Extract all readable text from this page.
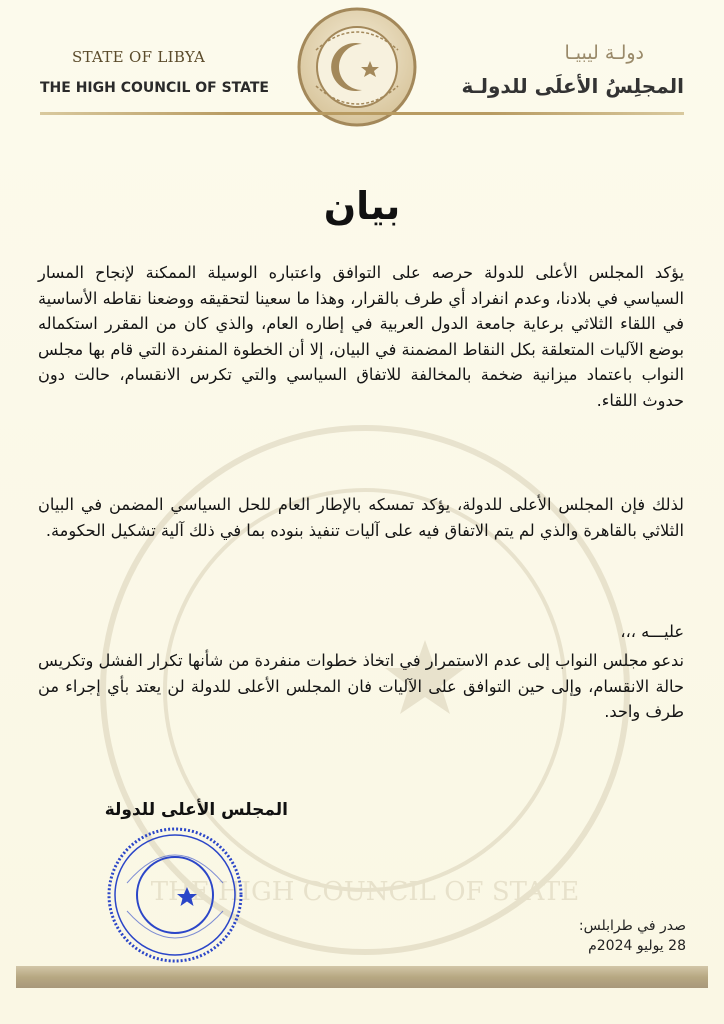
THE HIGH COUNCIL OF STATE

STATE OF LIBYA

THE HIGH COUNCIL OF STATE

دولـة ليبيـا

المجلِسُ الأعلَى للدولـة

بيان

يؤكد المجلس الأعلى للدولة حرصه على التوافق واعتباره الوسيلة الممكنة لإنجاح المسار السياسي في بلادنا، وعدم انفراد أي طرف بالقرار، وهذا ما سعينا لتحقيقه ووضعنا نقاطه الأساسية في اللقاء الثلاثي برعاية جامعة الدول العربية في إطاره العام، والذي كان من المقرر استكماله بوضع الآليات المتعلقة بكل النقاط المضمنة في البيان، إلا أن الخطوة المنفردة التي قام بها مجلس النواب باعتماد ميزانية ضخمة بالمخالفة للاتفاق السياسي والتي تكرس الانقسام، حالت دون حدوث اللقاء.

لذلك فإن المجلس الأعلى للدولة، يؤكد تمسكه بالإطار العام للحل السياسي المضمن في البيان الثلاثي بالقاهرة والذي لم يتم الاتفاق فيه على آليات تنفيذ بنوده بما في ذلك آلية تشكيل الحكومة.

عليـــه ،،،

ندعو مجلس النواب إلى عدم الاستمرار في اتخاذ خطوات منفردة من شأنها تكرار الفشل وتكريس حالة الانقسام، وإلى حين التوافق على الآليات فان المجلس الأعلى للدولة لن يعتد بأي إجراء من طرف واحد.

المجلس الأعلى للدولة

صدر في طرابلس:

28 يوليو 2024م
